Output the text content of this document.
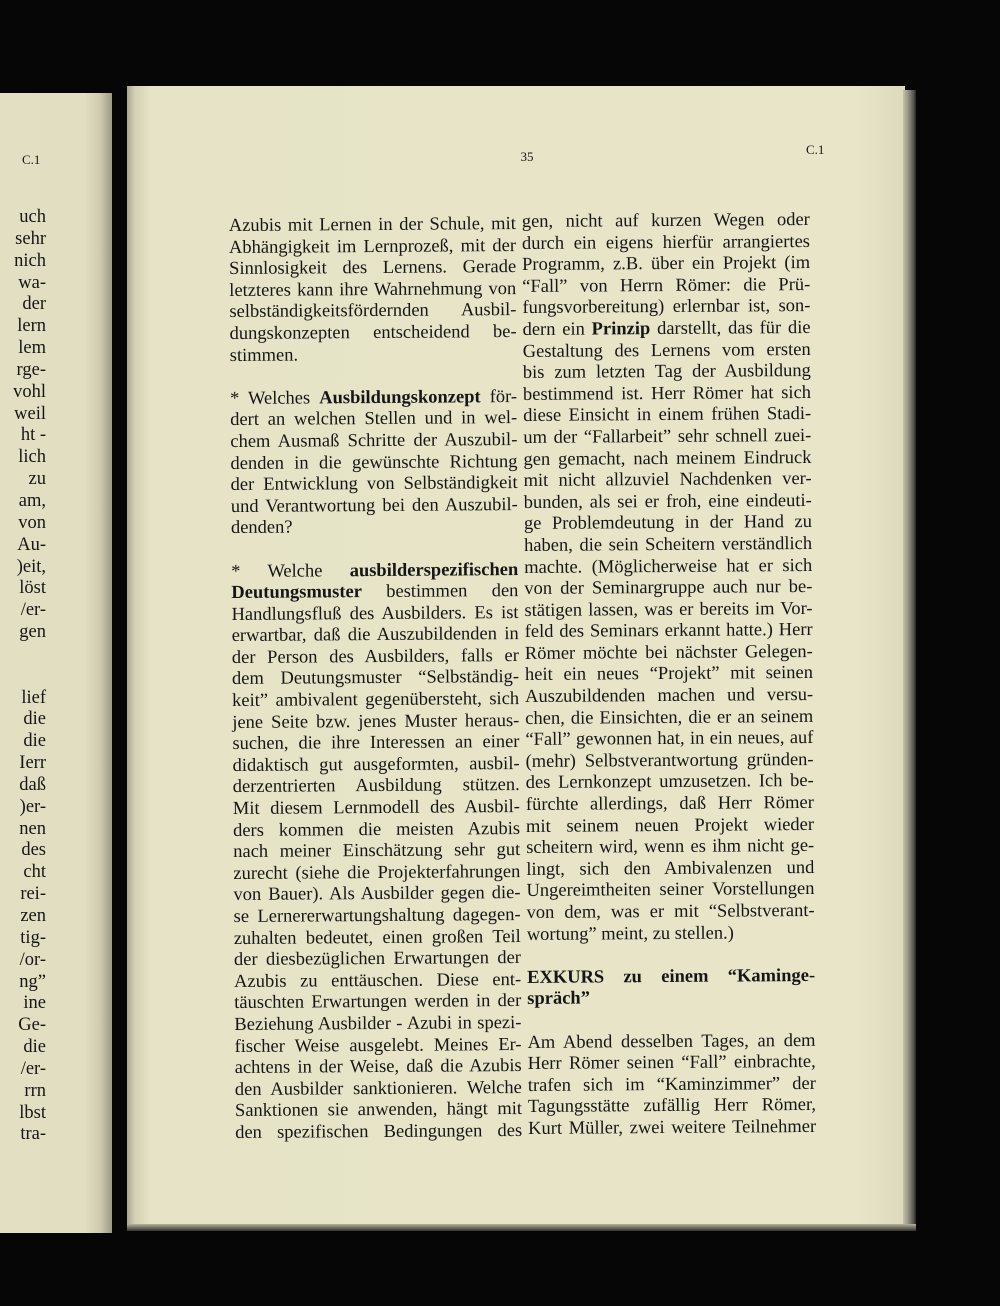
C.1
uch
sehr
nich
wa-
der
lern
lem
rge-
vohl
weil
ht -
lich
zu
am,
von
Au-
)eit,
löst
/er-
gen
lief
die
die
Ierr
daß
)er-
nen
des
cht
rei-
zen
tig-
/or-
ng”
ine
Ge-
die
/er-
rrn
lbst
tra-
35	C.1
Azubis mit Lernen in der Schule, mit
Abhängigkeit im Lernprozeß, mit der
Sinnlosigkeit des Lernens. Gerade
letzteres kann ihre Wahrnehmung von
selbständigkeitsfördernden Ausbil-
dungskonzepten entscheidend be-
stimmen.
* Welches Ausbildungskonzept för-
dert an welchen Stellen und in wel-
chem Ausmaß Schritte der Auszubil-
denden in die gewünschte Richtung
der Entwicklung von Selbständigkeit
und Verantwortung bei den Auszubil-
denden?
* Welche ausbilderspezifischen
Deutungsmuster bestimmen den
Handlungsfluß des Ausbilders. Es ist
erwartbar, daß die Auszubildenden in
der Person des Ausbilders, falls er
dem Deutungsmuster “Selbständig-
keit” ambivalent gegenübersteht, sich
jene Seite bzw. jenes Muster heraus-
suchen, die ihre Interessen an einer
didaktisch gut ausgeformten, ausbil-
derzentrierten Ausbildung stützen.
Mit diesem Lernmodell des Ausbil-
ders kommen die meisten Azubis
nach meiner Einschätzung sehr gut
zurecht (siehe die Projekterfahrungen
von Bauer). Als Ausbilder gegen die-
se Lernererwartungshaltung dagegen-
zuhalten bedeutet, einen großen Teil
der diesbezüglichen Erwartungen der
Azubis zu enttäuschen. Diese ent-
täuschten Erwartungen werden in der
Beziehung Ausbilder - Azubi in spezi-
fischer Weise ausgelebt. Meines Er-
achtens in der Weise, daß die Azubis
den Ausbilder sanktionieren. Welche
Sanktionen sie anwenden, hängt mit
den spezifischen Bedingungen des
gen, nicht auf kurzen Wegen oder
durch ein eigens hierfür arrangiertes
Programm, z.B. über ein Projekt (im
“Fall” von Herrn Römer: die Prü-
fungsvorbereitung) erlernbar ist, son-
dern ein Prinzip darstellt, das für die
Gestaltung des Lernens vom ersten
bis zum letzten Tag der Ausbildung
bestimmend ist. Herr Römer hat sich
diese Einsicht in einem frühen Stadi-
um der “Fallarbeit” sehr schnell zuei-
gen gemacht, nach meinem Eindruck
mit nicht allzuviel Nachdenken ver-
bunden, als sei er froh, eine eindeuti-
ge Problemdeutung in der Hand zu
haben, die sein Scheitern verständlich
machte. (Möglicherweise hat er sich
von der Seminargruppe auch nur be-
stätigen lassen, was er bereits im Vor-
feld des Seminars erkannt hatte.) Herr
Römer möchte bei nächster Gelegen-
heit ein neues “Projekt” mit seinen
Auszubildenden machen und versu-
chen, die Einsichten, die er an seinem
“Fall” gewonnen hat, in ein neues, auf
(mehr) Selbstverantwortung gründen-
des Lernkonzept umzusetzen. Ich be-
fürchte allerdings, daß Herr Römer
mit seinem neuen Projekt wieder
scheitern wird, wenn es ihm nicht ge-
lingt, sich den Ambivalenzen und
Ungereimtheiten seiner Vorstellungen
von dem, was er mit “Selbstverant-
wortung” meint, zu stellen.)
EXKURS zu einem “Kaminge-
spräch”
Am Abend desselben Tages, an dem
Herr Römer seinen “Fall” einbrachte,
trafen sich im “Kaminzimmer” der
Tagungsstätte zufällig Herr Römer,
Kurt Müller, zwei weitere Teilnehmer
